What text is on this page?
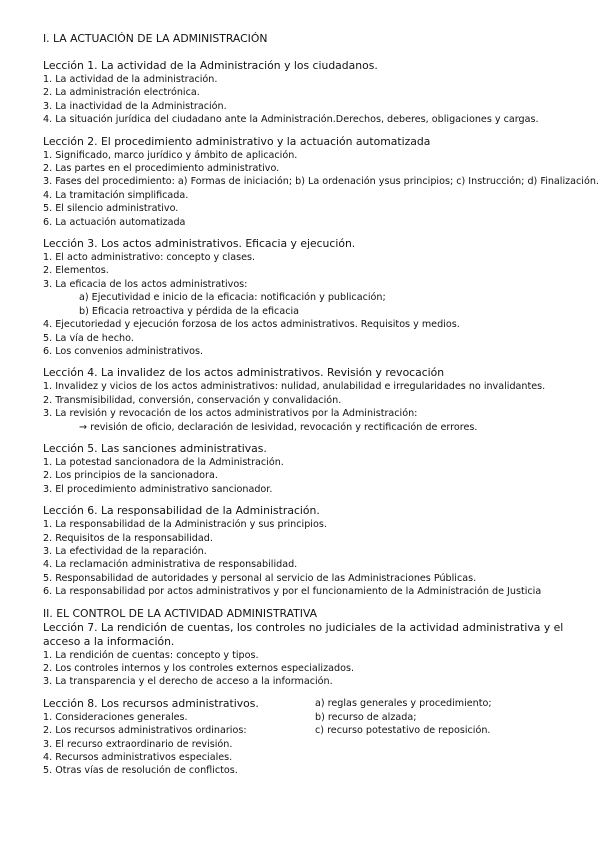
I. LA ACTUACIÓN DE LA ADMINISTRACIÓN
Lección 1. La actividad de la Administración y los ciudadanos.
1. La actividad de la administración.
2. La administración electrónica.
3. La inactividad de la Administración.
4. La situación jurídica del ciudadano ante la Administración.Derechos, deberes, obligaciones y cargas.
Lección 2. El procedimiento administrativo y la actuación automatizada
1. Significado, marco jurídico y ámbito de aplicación.
2. Las partes en el procedimiento administrativo.
3. Fases del procedimiento: a) Formas de iniciación; b) La ordenación ysus principios; c) Instrucción; d) Finalización.
4. La tramitación simplificada.
5. El silencio administrativo.
6. La actuación automatizada
Lección 3. Los actos administrativos. Eficacia y ejecución.
1. El acto administrativo: concepto y clases.
2. Elementos.
3. La eficacia de los actos administrativos:
a) Ejecutividad e inicio de la eficacia: notificación y publicación;
b) Eficacia retroactiva y pérdida de la eficacia
4. Ejecutoriedad y ejecución forzosa de los actos administrativos. Requisitos y medios.
5. La vía de hecho.
6. Los convenios administrativos.
Lección 4. La invalidez de los actos administrativos. Revisión y revocación
1. Invalidez y vicios de los actos administrativos: nulidad, anulabilidad e irregularidades no invalidantes.
2. Transmisibilidad, conversión, conservación y convalidación.
3. La revisión y revocación de los actos administrativos por la Administración:
→ revisión de oficio, declaración de lesividad, revocación y rectificación de errores.
Lección 5. Las sanciones administrativas.
1. La potestad sancionadora de la Administración.
2. Los principios de la sancionadora.
3. El procedimiento administrativo sancionador.
Lección 6. La responsabilidad de la Administración.
1. La responsabilidad de la Administración y sus principios.
2. Requisitos de la responsabilidad.
3. La efectividad de la reparación.
4. La reclamación administrativa de responsabilidad.
5. Responsabilidad de autoridades y personal al servicio de las Administraciones Públicas.
6. La responsabilidad por actos administrativos y por el funcionamiento de la Administración de Justicia
II. EL CONTROL DE LA ACTIVIDAD ADMINISTRATIVA
Lección 7. La rendición de cuentas, los controles no judiciales de la actividad administrativa y el acceso a la información.
1. La rendición de cuentas: concepto y tipos.
2. Los controles internos y los controles externos especializados.
3. La transparencia y el derecho de acceso a la información.
Lección 8. Los recursos administrativos.
1. Consideraciones generales.
2. Los recursos administrativos ordinarios:
3. El recurso extraordinario de revisión.
4. Recursos administrativos especiales.
5. Otras vías de resolución de conflictos.
a) reglas generales y procedimiento;
b) recurso de alzada;
c) recurso potestativo de reposición.
